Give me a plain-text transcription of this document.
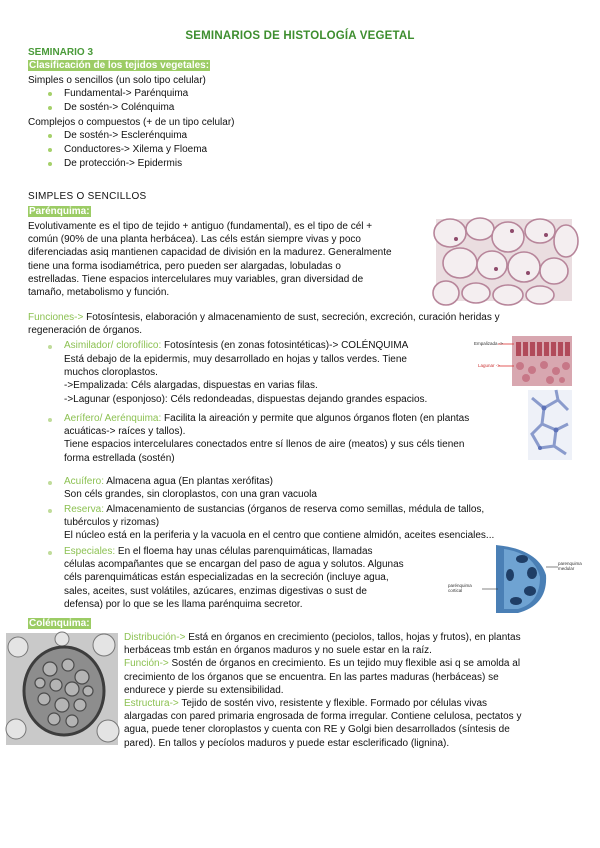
SEMINARIOS DE HISTOLOGÍA VEGETAL
SEMINARIO 3
Clasificación de los tejidos vegetales:
Simples o sencillos (un solo tipo celular)
Fundamental-> Parénquima
De sostén-> Colénquima
Complejos o compuestos (+ de un tipo celular)
De sostén-> Esclerénquima
Conductores-> Xilema y Floema
De protección-> Epidermis
SIMPLES O SENCILLOS
Parénquima:

Evolutivamente es el tipo de tejido + antiguo (fundamental), es el tipo de cél +

común (90% de una planta herbácea). Las céls están siempre vivas y poco

diferenciadas asiq mantienen capacidad de división en la madurez. Generalmente

tiene una forma isodiamétrica, pero pueden ser alargadas, lobuladas o

estrelladas. Tiene espacios intercelulares muy variables, gran diversidad de

tamaño, metabolismo y función.

Funciones-> Fotosíntesis, elaboración y almacenamiento de sust, secreción, excreción, curación heridas y

regeneración de órganos.

Asimilador/ clorofílico: Fotosíntesis (en zonas fotosintéticas)-> COLÉNQUIMA

Está debajo de la epidermis, muy desarrollado en hojas y tallos verdes. Tiene

muchos cloroplastos.

->Empalizada: Céls alargadas, dispuestas en varias filas.

->Lagunar (esponjoso): Céls redondeadas, dispuestas dejando grandes espacios.

Empalizada ->
Lagunar ->

Aerífero/ Aerénquima: Facilita la aireación y permite que algunos órganos floten (en plantas

acuáticas-> raíces y tallos).

Tiene espacios intercelulares conectados entre sí llenos de aire (meatos) y sus céls tienen

forma estrellada (sostén)

Acuífero: Almacena agua (En plantas xerófitas)

Son céls grandes, sin cloroplastos, con una gran vacuola

Reserva: Almacenamiento de sustancias (órganos de reserva como semillas, médula de tallos,

tubérculos y rizomas)

El núcleo está en la periferia y la vacuola en el centro que contiene almidón, aceites esenciales...

Especiales: En el floema hay unas células parenquimáticas, llamadas

células acompañantes que se encargan del paso de agua y solutos. Algunas

céls parenquimáticas están especializadas en la secreción (incluye agua,

sales, aceites, sust volátiles, azúcares, enzimas digestivas o sust de

defensa) por lo que se les llama parénquima secretor.

parénquima cortical
parenquima medular
Colénquima:

Distribución-> Está en órganos en crecimiento (peciolos, tallos, hojas y frutos), en plantas

herbáceas tmb están en órganos maduros y no suele estar en la raíz.

Función-> Sostén de órganos en crecimiento. Es un tejido muy flexible asi q se amolda al

crecimiento de los órganos que se encuentra. En las partes maduras (herbáceas) se

endurece y pierde su extensibilidad.

Estructura-> Tejido de sostén vivo, resistente y flexible. Formado por células vivas

alargadas con pared primaria engrosada de forma irregular. Contiene celulosa, pectatos y

agua, puede tener cloroplastos y cuenta con RE y Golgi bien desarrollados (síntesis de

pared). En tallos y pecíolos maduros y puede estar esclerificado (lignina).
